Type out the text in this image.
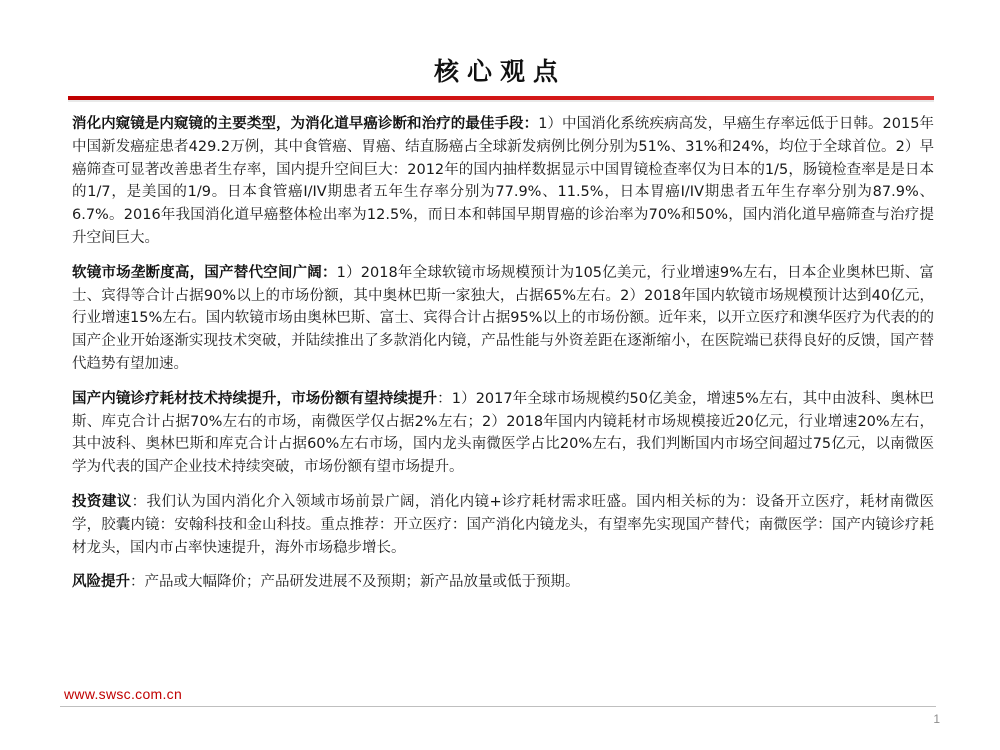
核心观点

消化内窥镜是内窥镜的主要类型，为消化道早癌诊断和治疗的最佳手段：1）中国消化系统疾病高发，早癌生存率远低于日韩。2015年中国新发癌症患者429.2万例，其中食管癌、胃癌、结直肠癌占全球新发病例比例分别为51%、31%和24%，均位于全球首位。2）早癌筛查可显著改善患者生存率，国内提升空间巨大：2012年的国内抽样数据显示中国胃镜检查率仅为日本的1/5，肠镜检查率是是日本的1/7，是美国的1/9。日本食管癌I/IV期患者五年生存率分别为77.9%、11.5%，日本胃癌I/IV期患者五年生存率分别为87.9%、6.7%。2016年我国消化道早癌整体检出率为12.5%，而日本和韩国早期胃癌的诊治率为70%和50%，国内消化道早癌筛查与治疗提升空间巨大。

软镜市场垄断度高，国产替代空间广阔：1）2018年全球软镜市场规模预计为105亿美元，行业增速9%左右，日本企业奥林巴斯、富士、宾得等合计占据90%以上的市场份额，其中奥林巴斯一家独大，占据65%左右。2）2018年国内软镜市场规模预计达到40亿元，行业增速15%左右。国内软镜市场由奥林巴斯、富士、宾得合计占据95%以上的市场份额。近年来，以开立医疗和澳华医疗为代表的的国产企业开始逐渐实现技术突破，并陆续推出了多款消化内镜，产品性能与外资差距在逐渐缩小，在医院端已获得良好的反馈，国产替代趋势有望加速。

国产内镜诊疗耗材技术持续提升，市场份额有望持续提升：1）2017年全球市场规模约50亿美金，增速5%左右，其中由波科、奥林巴斯、库克合计占据70%左右的市场，南微医学仅占据2%左右；2）2018年国内内镜耗材市场规模接近20亿元，行业增速20%左右，其中波科、奥林巴斯和库克合计占据60%左右市场，国内龙头南微医学占比20%左右，我们判断国内市场空间超过75亿元，以南微医学为代表的国产企业技术持续突破，市场份额有望市场提升。

投资建议：我们认为国内消化介入领域市场前景广阔，消化内镜+诊疗耗材需求旺盛。国内相关标的为：设备开立医疗，耗材南微医学，胶囊内镜：安翰科技和金山科技。重点推荐：开立医疗：国产消化内镜龙头，有望率先实现国产替代；南微医学：国产内镜诊疗耗材龙头，国内市占率快速提升，海外市场稳步增长。

风险提升：产品或大幅降价；产品研发进展不及预期；新产品放量或低于预期。

www.swsc.com.cn
1
